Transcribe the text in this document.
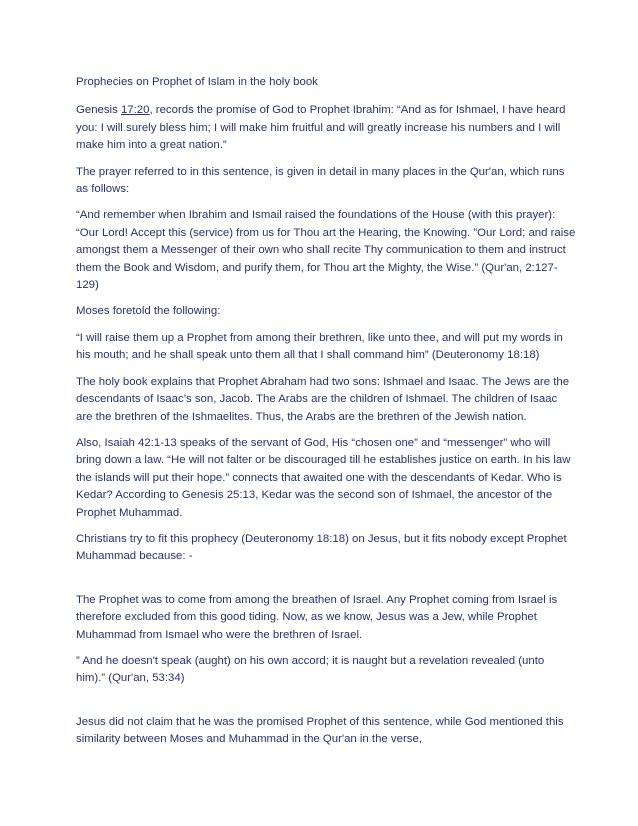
Prophecies on Prophet of Islam in the holy book

Genesis 17:20, records the promise of God to Prophet Ibrahim: “And as for Ishmael, I have heard you: I will surely bless him; I will make him fruitful and will greatly increase his numbers and I will make him into a great nation.”

The prayer referred to in this sentence, is given in detail in many places in the Qur'an, which runs as follows:

“And remember when Ibrahim and Ismail raised the foundations of the House (with this prayer): “Our Lord! Accept this (service) from us for Thou art the Hearing, the Knowing. ”Our Lord; and raise amongst them a Messenger of their own who shall recite Thy communication to them and instruct them the Book and Wisdom, and purify them, for Thou art the Mighty, the Wise.” (Qur'an, 2:127-129)

Moses foretold the following:

“I will raise them up a Prophet from among their brethren, like unto thee, and will put my words in his mouth; and he shall speak unto them all that I shall command him” (Deuteronomy 18:18)

The holy book explains that Prophet Abraham had two sons: Ishmael and Isaac. The Jews are the descendants of Isaac’s son, Jacob. The Arabs are the children of Ishmael. The children of Isaac are the brethren of the Ishmaelites. Thus, the Arabs are the brethren of the Jewish nation.

Also, Isaiah 42:1-13 speaks of the servant of God, His “chosen one” and “messenger” who will bring down a law. “He will not falter or be discouraged till he establishes justice on earth. In his law the islands will put their hope.” connects that awaited one with the descendants of Kedar. Who is Kedar? According to Genesis 25:13, Kedar was the second son of Ishmael, the ancestor of the Prophet Muhammad.

Christians try to fit this prophecy (Deuteronomy 18:18) on Jesus, but it fits nobody except Prophet Muhammad because: -

The Prophet was to come from among the breathen of Israel. Any Prophet coming from Israel is therefore excluded from this good tiding. Now, as we know, Jesus was a Jew, while Prophet Muhammad from Ismael who were the brethren of Israel.

” And he doesn't speak (aught) on his own accord; it is naught but a revelation revealed (unto him).” (Qur'an, 53:34)

Jesus did not claim that he was the promised Prophet of this sentence, while God mentioned this similarity between Moses and Muhammad in the Qur'an in the verse,
